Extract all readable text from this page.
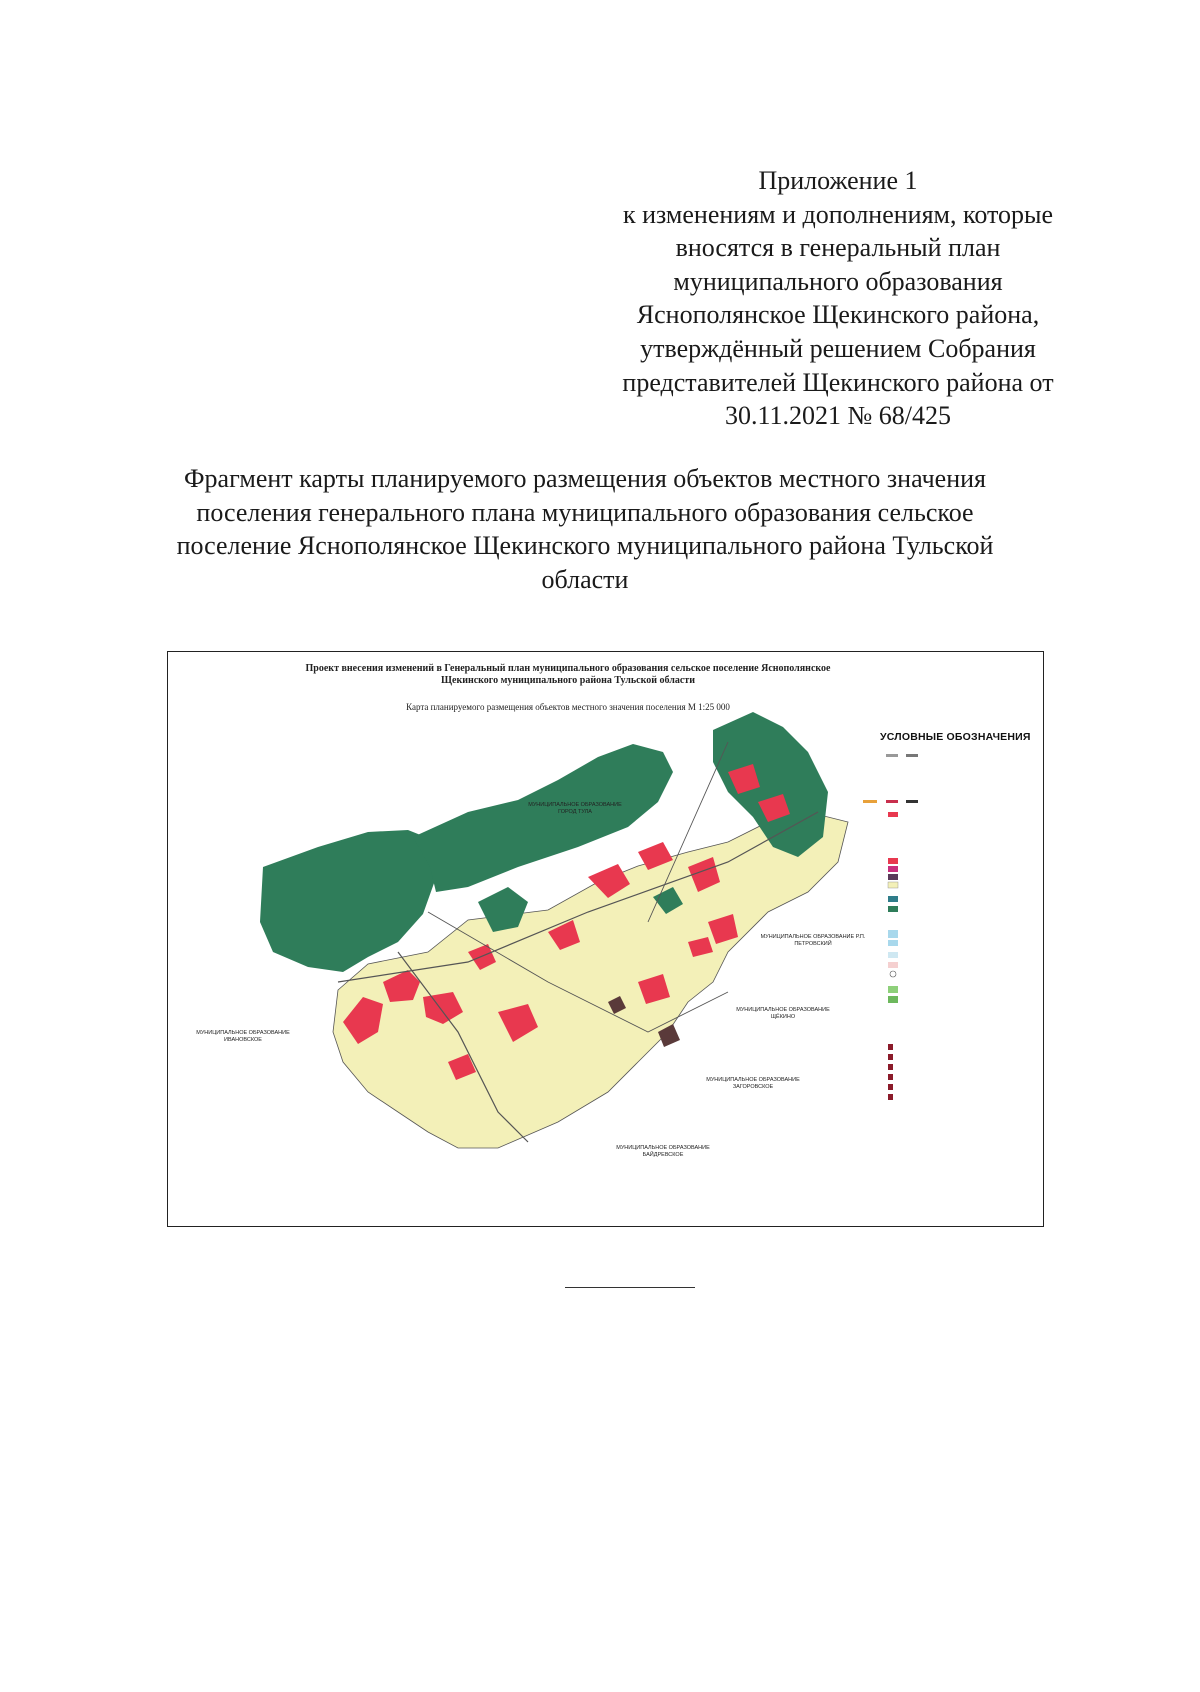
Приложение 1
к изменениям и дополнениям, которые
вносятся в генеральный план
муниципального образования
Яснополянское Щекинского района,
утверждённый решением Собрания
представителей Щекинского района от
30.11.2021 № 68/425
Фрагмент карты планируемого размещения объектов местного значения
поселения генерального плана муниципального образования сельское
поселение Яснополянское Щекинского муниципального района Тульской
области
Проект внесения изменений в Генеральный план муниципального образования сельское поселение Яснополянское
Щекинского муниципального района Тульской области
Карта планируемого размещения объектов местного значения поселения М 1:25 000
УСЛОВНЫЕ ОБОЗНАЧЕНИЯ
МУНИЦИПАЛЬНОЕ ОБРАЗОВАНИЕ ГОРОД ТУЛА
МУНИЦИПАЛЬНОЕ ОБРАЗОВАНИЕ Р.П. ПЕТРОВСКИЙ
МУНИЦИПАЛЬНОЕ ОБРАЗОВАНИЕ ЩЁКИНО
МУНИЦИПАЛЬНОЕ ОБРАЗОВАНИЕ ИВАНОВСКОЕ
МУНИЦИПАЛЬНОЕ ОБРАЗОВАНИЕ ЗАГОРОВСКОЕ
МУНИЦИПАЛЬНОЕ ОБРАЗОВАНИЕ БАЙДРЕВСКОЕ
